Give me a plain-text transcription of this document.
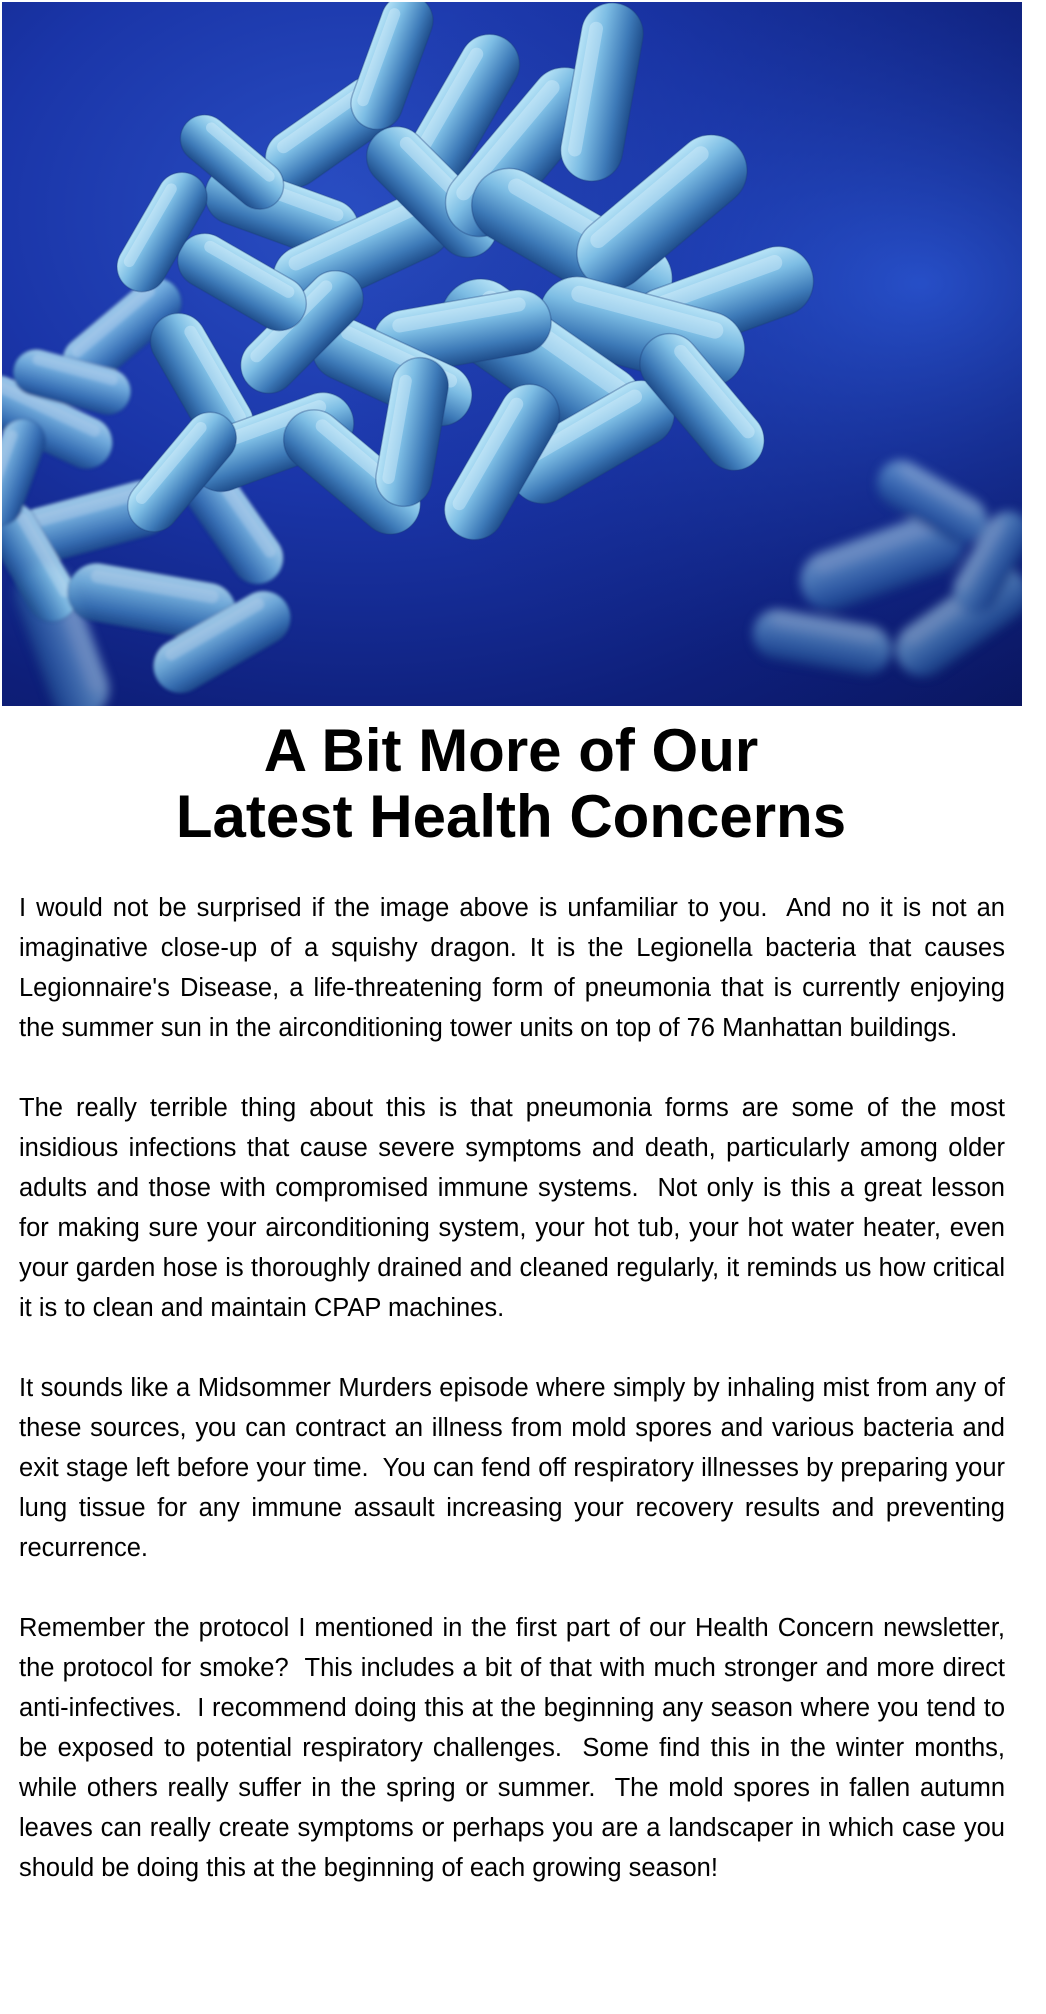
A Bit More of Our
Latest Health Concerns

I would not be surprised if the image above is unfamiliar to you.  And no it is not an imaginative close-up of a squishy dragon. It is the Legionella bacteria that causes Legionnaire's Disease, a life-threatening form of pneumonia that is currently enjoying the summer sun in the airconditioning tower units on top of 76 Manhattan buildings.

The really terrible thing about this is that pneumonia forms are some of the most insidious infections that cause severe symptoms and death, particularly among older adults and those with compromised immune systems.  Not only is this a great lesson for making sure your airconditioning system, your hot tub, your hot water heater, even your garden hose is thoroughly drained and cleaned regularly, it reminds us how critical it is to clean and maintain CPAP machines.

It sounds like a Midsommer Murders episode where simply by inhaling mist from any of these sources, you can contract an illness from mold spores and various bacteria and exit stage left before your time.  You can fend off respiratory illnesses by preparing your lung tissue for any immune assault increasing your recovery results and preventing recurrence.

Remember the protocol I mentioned in the first part of our Health Concern newsletter, the protocol for smoke?  This includes a bit of that with much stronger and more direct anti-infectives.  I recommend doing this at the beginning any season where you tend to be exposed to potential respiratory challenges.  Some find this in the winter months, while others really suffer in the spring or summer.  The mold spores in fallen autumn leaves can really create symptoms or perhaps you are a landscaper in which case you should be doing this at the beginning of each growing season!
